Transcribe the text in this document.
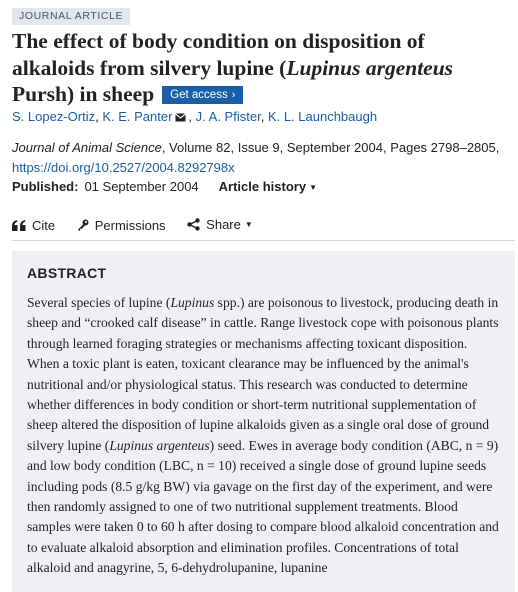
JOURNAL ARTICLE
The effect of body condition on disposition of alkaloids from silvery lupine (Lupinus argenteus Pursh) in sheep Get access ›
S. Lopez-Ortiz, K. E. Panter , J. A. Pfister, K. L. Launchbaugh
Journal of Animal Science, Volume 82, Issue 9, September 2004, Pages 2798–2805,
https://doi.org/10.2527/2004.8292798x
Published: 01 September 2004 Article history ▼
Cite
	Permissions
	Share ▼
ABSTRACT

Several species of lupine (Lupinus spp.) are poisonous to livestock, producing death in sheep and “crooked calf disease” in cattle. Range livestock cope with poisonous plants through learned foraging strategies or mechanisms affecting toxicant disposition. When a toxic plant is eaten, toxicant clearance may be influenced by the animal's nutritional and/or physiological status. This research was conducted to determine whether differences in body condition or short-term nutritional supplementation of sheep altered the disposition of lupine alkaloids given as a single oral dose of ground silvery lupine (Lupinus argenteus) seed. Ewes in average body condition (ABC, n = 9) and low body condition (LBC, n = 10) received a single dose of ground lupine seeds including pods (8.5 g/kg BW) via gavage on the first day of the experiment, and were then randomly assigned to one of two nutritional supplement treatments. Blood samples were taken 0 to 60 h after dosing to compare blood alkaloid concentration and to evaluate alkaloid absorption and elimination profiles. Concentrations of total alkaloid and anagyrine, 5, 6-dehydrolupanine, lupanine
